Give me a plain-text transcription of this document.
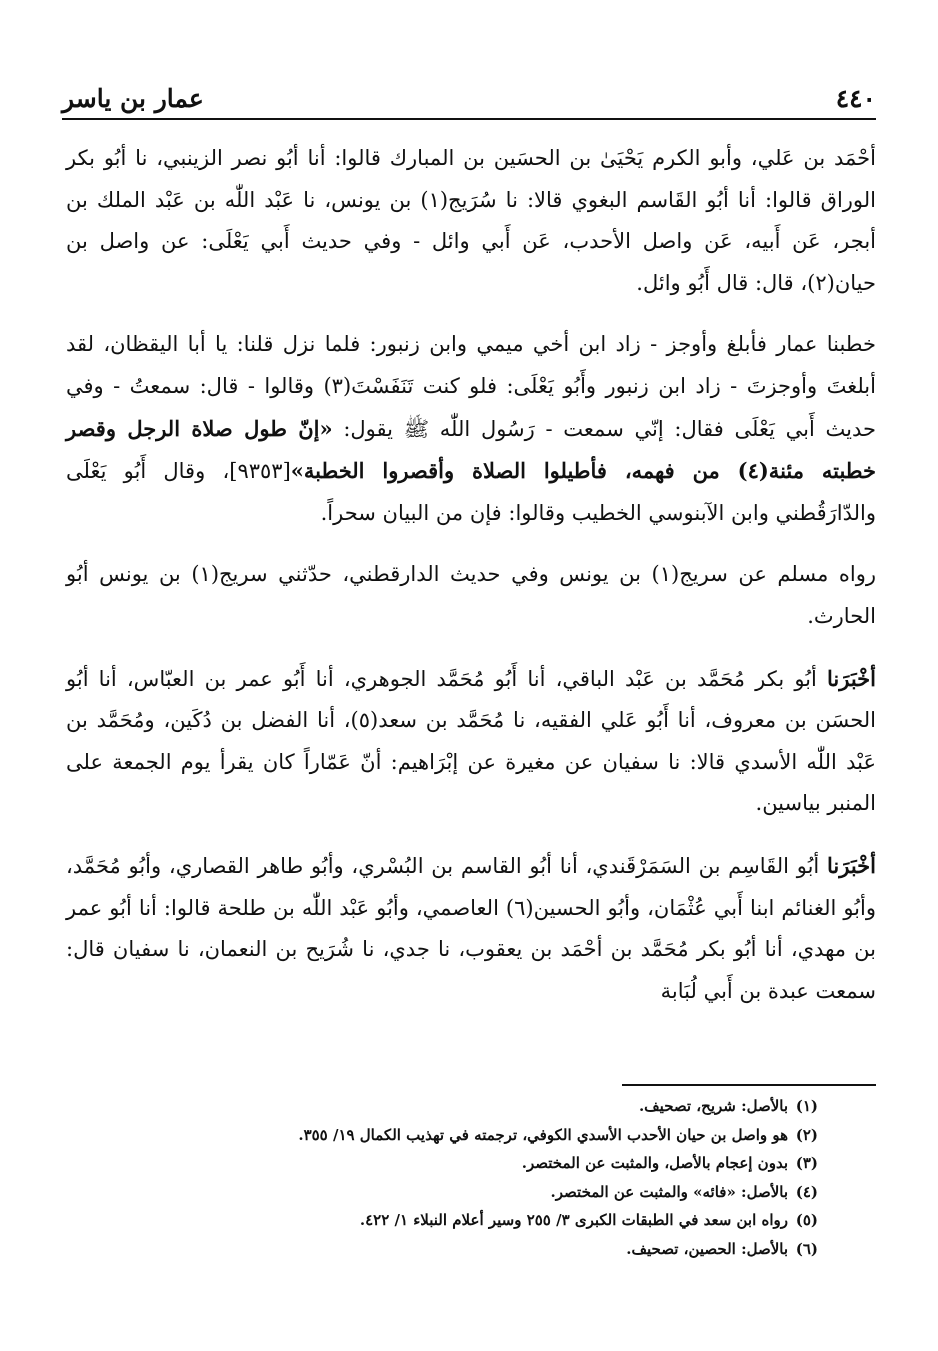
٤٤٠
عمار بن ياسر

أحْمَد بن عَلي، وأبو الكرم يَحْيَىٰ بن الحسَين بن المبارك قالوا: أنا أبُو نصر الزينبي، نا أبُو بكر الوراق قالوا: أنا أبُو القَاسم البغوي قالا: نا سُرَيج(١) بن يونس، نا عَبْد اللّٰه بن عَبْد الملك بن أبجر، عَن أَبيه، عَن واصل الأحدب، عَن أَبي وائل - وفي حديث أَبي يَعْلَى: عن واصل بن حيان(٢)، قال: قال أَبُو وائل.

خطبنا عمار فأبلغ وأوجز - زاد ابن أخي ميمي وابن زنبور: فلما نزل قلنا: يا أبا اليقظان، لقد أبلغتَ وأوجزتَ - زاد ابن زنبور وأَبُو يَعْلَى: فلو كنت تَنَفَسْتَ(٣) وقالوا - قال: سمعتُ - وفي حديث أَبي يَعْلَى فقال: إنّي سمعت - رَسُول اللّٰه ﷺ يقول: «إنّ طول صلاة الرجل وقصر خطبته مئنة(٤) من فهمه، فأطيلوا الصلاة وأقصروا الخطبة»[٩٣٥٣]، وقال أَبُو يَعْلَى والدّارَقُطني وابن الآبنوسي الخطيب وقالوا: فإن من البيان سحراً.

رواه مسلم عن سريج(١) بن يونس وفي حديث الدارقطني، حدّثني سريج(١) بن يونس أبُو الحارث.

أخْبَرَنا أبُو بكر مُحَمَّد بن عَبْد الباقي، أنا أَبُو مُحَمَّد الجوهري، أنا أَبُو عمر بن العبّاس، أنا أبُو الحسَن بن معروف، أنا أَبُو عَلي الفقيه، نا مُحَمَّد بن سعد(٥)، أنا الفضل بن دُكَين، ومُحَمَّد بن عَبْد اللّٰه الأسدي قالا: نا سفيان عن مغيرة عن إبْرَاهيم: أنّ عَمّاراً كان يقرأ يوم الجمعة على المنبر بياسين.

أخْبَرَنا أبُو القَاسِم بن السَمَرْقَندي، أنا أبُو القاسم بن البُسْري، وأبُو طاهر القصاري، وأبُو مُحَمَّد، وأبُو الغنائم ابنا أَبي عُثْمَان، وأبُو الحسين(٦) العاصمي، وأبُو عَبْد اللّٰه بن طلحة قالوا: أنا أبُو عمر بن مهدي، أنا أبُو بكر مُحَمَّد بن أحْمَد بن يعقوب، نا جدي، نا شُرَيح بن النعمان، نا سفيان قال: سمعت عبدة بن أَبي لُبَابة

(١)بالأصل: شريح، تصحيف.
(٢)هو واصل بن حيان الأحدب الأسدي الكوفي، ترجمته في تهذيب الكمال ١٩/ ٣٥٥.
(٣)بدون إعجام بالأصل، والمثبت عن المختصر.
(٤)بالأصل: «فائه» والمثبت عن المختصر.
(٥)رواه ابن سعد في الطبقات الكبرى ٣/ ٢٥٥ وسير أعلام النبلاء ١/ ٤٢٢.
(٦)بالأصل: الحصين، تصحيف.
